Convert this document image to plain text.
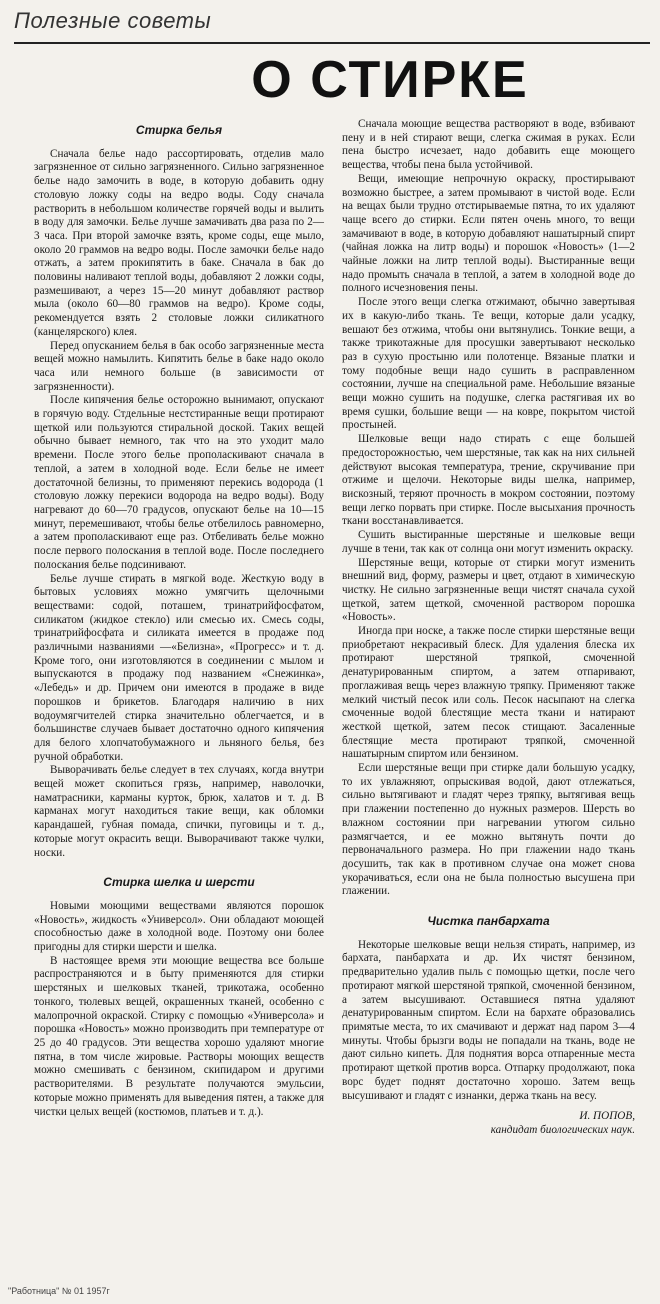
Полезные советы
О СТИРКЕ
Стирка белья

Сначала белье надо рассортировать, отделив мало загрязненное от сильно загрязненного. Сильно загрязненное белье надо замочить в воде, в которую добавить одну столовую ложку соды на ведро воды. Соду сначала растворить в небольшом количестве горячей воды и вылить в воду для замочки. Белье лучше замачивать два раза по 2—3 часа. При второй замочке взять, кроме соды, еще мыло, около 20 граммов на ведро воды. После замочки белье надо отжать, а затем прокипятить в баке. Сначала в бак до половины наливают теплой воды, добавляют 2 ложки соды, размешивают, а через 15—20 минут добавляют раствор мыла (около 60—80 граммов на ведро). Кроме соды, рекомендуется взять 2 столовые ложки силикатного (канцелярского) клея.

Перед опусканием белья в бак особо загрязненные места вещей можно намылить. Кипятить белье в баке надо около часа или немного больше (в зависимости от загрязненности).

После кипячения белье осторожно вынимают, опускают в горячую воду. Стдельные нестстиранные вещи протирают щеткой или пользуются стиральной доской. Таких вещей обычно бывает немного, так что на это уходит мало времени. После этого белье прополаскивают сначала в теплой, а затем в холодной воде. Если белье не имеет достаточной белизны, то применяют перекись водорода (1 столовую ложку перекиси водорода на ведро воды). Воду нагревают до 60—70 градусов, опускают белье на 10—15 минут, перемешивают, чтобы белье отбелилось равномерно, а затем прополаскивают еще раз. Отбеливать белье можно после первого полоскания в теплой воде. После последнего полоскания белье подсинивают.

Белье лучше стирать в мягкой воде. Жесткую воду в бытовых условиях можно умягчить щелочными веществами: содой, поташем, тринатрийфосфатом, силикатом (жидкое стекло) или смесью их. Смесь соды, тринатрийфосфата и силиката имеется в продаже под различными названиями —«Белизна», «Прогресс» и т. д. Кроме того, они изготовляются в соединении с мылом и выпускаются в продажу под названием «Снежинка», «Лебедь» и др. Причем они имеются в продаже в виде порошков и брикетов. Благодаря наличию в них водоумягчителей стирка значительно облегчается, и в большинстве случаев бывает достаточно одного кипячения для белого хлопчатобумажного и льняного белья, без ручной обработки.

Выворачивать белье следует в тех случаях, когда внутри вещей может скопиться грязь, например, наволочки, наматрасники, карманы курток, брюк, халатов и т. д. В карманах могут находиться такие вещи, как обломки карандашей, губная помада, спички, пуговицы и т. д., которые могут окрасить вещи. Выворачивают также чулки, носки.

Стирка шелка и шерсти

Новыми моющими веществами являются порошок «Новость», жидкость «Универсол». Они обладают моющей способностью даже в холодной воде. Поэтому они более пригодны для стирки шерсти и шелка.

В настоящее время эти моющие вещества все больше распространяются и в быту применяются для стирки шерстяных и шелковых тканей, трикотажа, особенно тонкого, тюлевых вещей, окрашенных тканей, особенно с малопрочной окраской. Стирку с помощью «Универсола» и порошка «Новость» можно производить при температуре от 25 до 40 градусов. Эти вещества хорошо удаляют многие пятна, в том числе жировые. Растворы моющих веществ можно смешивать с бензином, скипидаром и другими растворителями. В результате получаются эмульсии, которые можно применять для выведения пятен, а также для чистки целых вещей (костюмов, платьев и т. д.).

Сначала моющие вещества растворяют в воде, взбивают пену и в ней стирают вещи, слегка сжимая в руках. Если пена быстро исчезает, надо добавить еще моющего вещества, чтобы пена была устойчивой.

Вещи, имеющие непрочную окраску, простирывают возможно быстрее, а затем промывают в чистой воде. Если на вещах были трудно отстирываемые пятна, то их удаляют чаще всего до стирки. Если пятен очень много, то вещи замачивают в воде, в которую добавляют нашатырный спирт (чайная ложка на литр воды) и порошок «Новость» (1—2 чайные ложки на литр теплой воды). Выстиранные вещи надо промыть сначала в теплой, а затем в холодной воде до полного исчезновения пены.

После этого вещи слегка отжимают, обычно завертывая их в какую-либо ткань. Те вещи, которые дали усадку, вешают без отжима, чтобы они вытянулись. Тонкие вещи, а также трикотажные для просушки завертывают несколько раз в сухую простыню или полотенце. Вязаные платки и тому подобные вещи надо сушить в расправленном состоянии, лучше на специальной раме. Небольшие вязаные вещи можно сушить на подушке, слегка растягивая их во время сушки, большие вещи — на ковре, покрытом чистой простыней.

Шелковые вещи надо стирать с еще большей предосторожностью, чем шерстяные, так как на них сильней действуют высокая температура, трение, скручивание при отжиме и щелочи. Некоторые виды шелка, например, вискозный, теряют прочность в мокром состоянии, поэтому вещи легко порвать при стирке. После высыхания прочность ткани восстанавливается.

Сушить выстиранные шерстяные и шелковые вещи лучше в тени, так как от солнца они могут изменить окраску.

Шерстяные вещи, которые от стирки могут изменить внешний вид, форму, размеры и цвет, отдают в химическую чистку. Не сильно загрязненные вещи чистят сначала сухой щеткой, затем щеткой, смоченной раствором порошка «Новость».

Иногда при носке, а также после стирки шерстяные вещи приобретают некрасивый блеск. Для удаления блеска их протирают шерстяной тряпкой, смоченной денатурированным спиртом, а затем отпаривают, проглаживая вещь через влажную тряпку. Применяют также мелкий чистый песок или соль. Песок насыпают на слегка смоченные водой блестящие места ткани и натирают жесткой щеткой, затем песок стищают. Засаленные блестящие места протирают тряпкой, смоченной нашатырным спиртом или бензином.

Если шерстяные вещи при стирке дали большую усадку, то их увлажняют, опрыскивая водой, дают отлежаться, сильно вытягивают и гладят через тряпку, вытягивая вещь при глажении постепенно до нужных размеров. Шерсть во влажном состоянии при нагревании утюгом сильно размягчается, и ее можно вытянуть почти до первоначального размера. Но при глажении надо ткань досушить, так как в противном случае она может снова укорачиваться, если она не была полностью высушена при глажении.

Чистка панбархата

Некоторые шелковые вещи нельзя стирать, например, из бархата, панбархата и др. Их чистят бензином, предварительно удалив пыль с помощью щетки, после чего протирают мягкой шерстяной тряпкой, смоченной бензином, а затем высушивают. Оставшиеся пятна удаляют денатурированным спиртом. Если на бархате образовались примятые места, то их смачивают и держат над паром 3—4 минуты. Чтобы брызги воды не попадали на ткань, воде не дают сильно кипеть. Для поднятия ворса отпаренные места протирают щеткой против ворса. Отпарку продолжают, пока ворс будет поднят достаточно хорошо. Затем вещь высушивают и гладят с изнанки, держа ткань на весу.

И. ПОПОВ,
кандидат биологических наук.
"Работница" № 01 1957г
